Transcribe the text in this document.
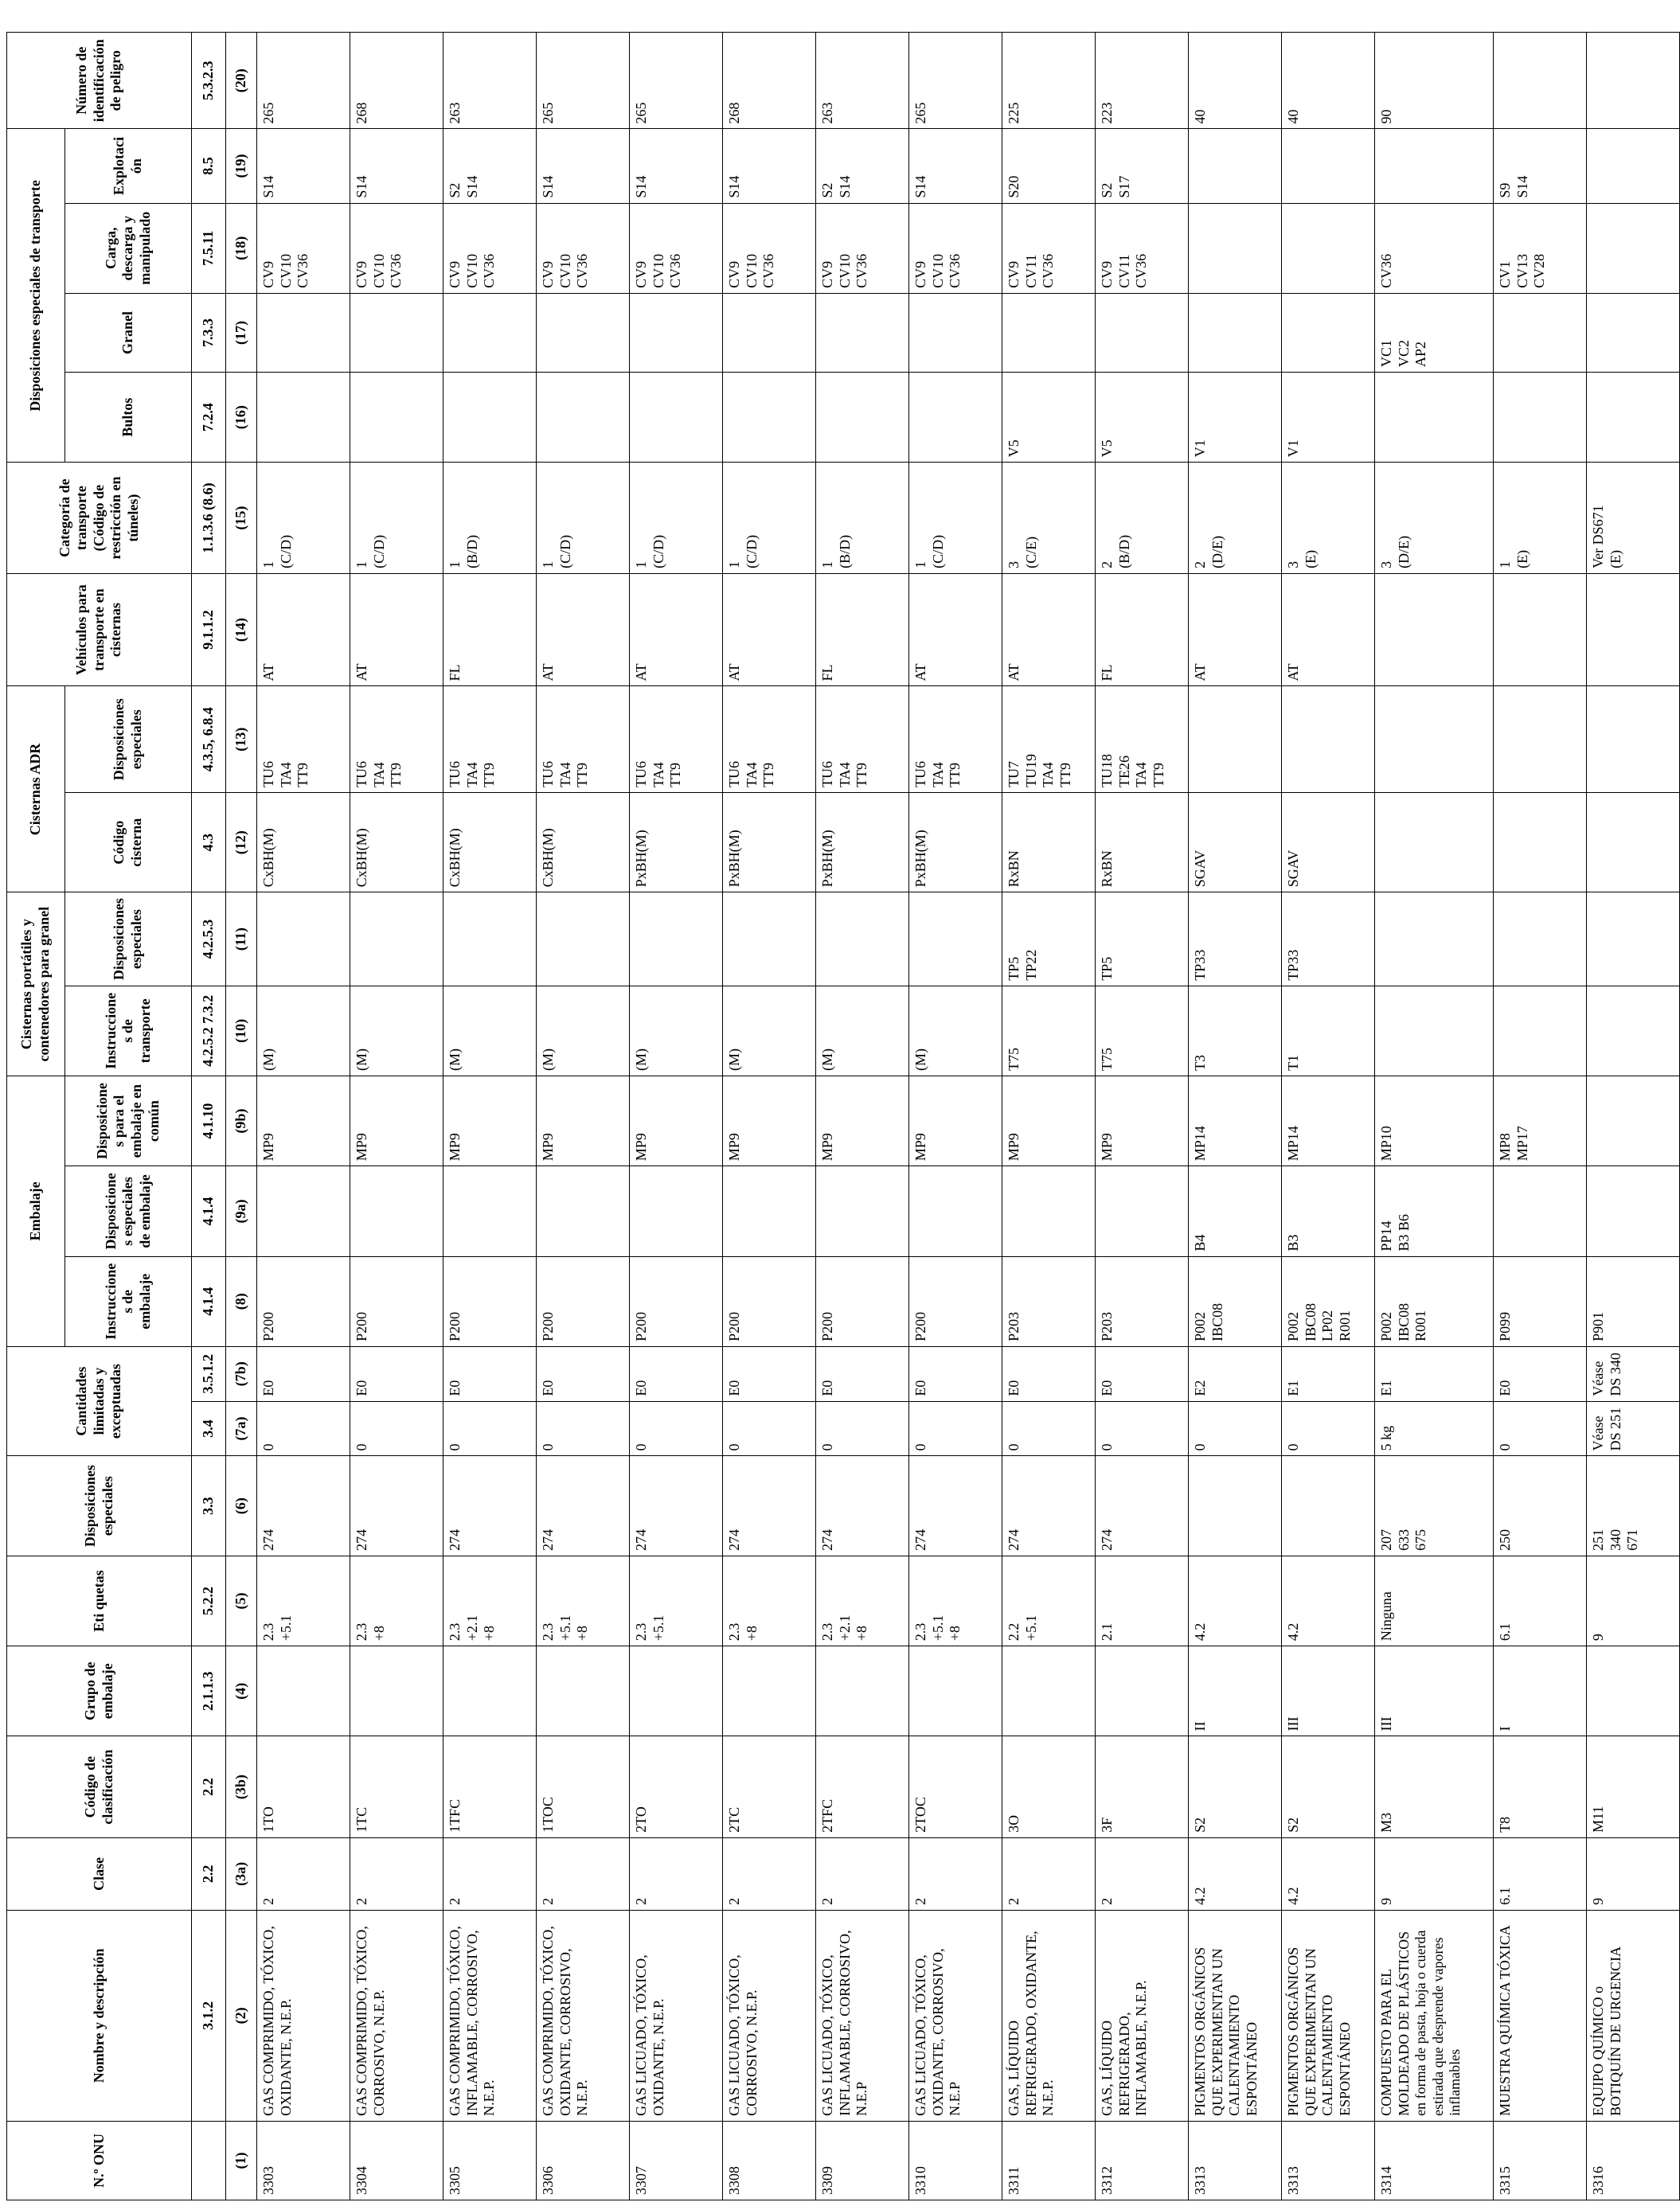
N.º ONU	Nombre y descripción	Clase	Código de clasificación	Grupo de embalaje	Eti quetas	Disposiciones especiales	Cantidades limitadas y exceptuadas		Embalaje			Cisternas portátiles y contenedores para granel		Cisternas ADR		Vehículos para transporte en cisternas	Categoría de transporte (Código de restricción en túneles)	Disposiciones especiales de transporte				Número de identificación de peligro
									Instrucciones de embalaje	Disposiciones especiales de embalaje	Disposiciones para el embalaje en común	Instrucciones de transporte	Disposiciones especiales	Código cisterna	Disposiciones especiales			Bultos	Granel	Carga, descarga y manipulado	Explotación	
	3.1.2	2.2	2.2	2.1.1.3	5.2.2	3.3	3.4	3.5.1.2	4.1.4	4.1.4	4.1.10	4.2.5.2 7.3.2	4.2.5.3	4.3	4.3.5, 6.8.4	9.1.1.2	1.1.3.6 (8.6)	7.2.4	7.3.3	7.5.11	8.5	5.3.2.3
(1)	(2)	(3a)	(3b)	(4)	(5)	(6)	(7a)	(7b)	(8)	(9a)	(9b)	(10)	(11)	(12)	(13)	(14)	(15)	(16)	(17)	(18)	(19)	(20)
3303	GAS COMPRIMIDO, TÓXICO, OXIDANTE, N.E.P.	2	1TO		2.3
+5.1	274	0	E0	P200		MP9	(M)		CxBH(M)	TU6
TA4
TT9	AT	1
(C/D)			CV9
CV10
CV36	S14	265
3304	GAS COMPRIMIDO, TÓXICO, CORROSIVO, N.E.P.	2	1TC		2.3
+8	274	0	E0	P200		MP9	(M)		CxBH(M)	TU6
TA4
TT9	AT	1
(C/D)			CV9
CV10
CV36	S14	268
3305	GAS COMPRIMIDO, TÓXICO, INFLAMABLE, CORROSIVO, N.E.P.	2	1TFC		2.3
+2.1
+8	274	0	E0	P200		MP9	(M)		CxBH(M)	TU6
TA4
TT9	FL	1
(B/D)			CV9
CV10
CV36	S2
S14	263
3306	GAS COMPRIMIDO, TÓXICO, OXIDANTE, CORROSIVO, N.E.P.	2	1TOC		2.3
+5.1
+8	274	0	E0	P200		MP9	(M)		CxBH(M)	TU6
TA4
TT9	AT	1
(C/D)			CV9
CV10
CV36	S14	265
3307	GAS LICUADO, TÓXICO, OXIDANTE, N.E.P.	2	2TO		2.3
+5.1	274	0	E0	P200		MP9	(M)		PxBH(M)	TU6
TA4
TT9	AT	1
(C/D)			CV9
CV10
CV36	S14	265
3308	GAS LICUADO, TÓXICO, CORROSIVO, N.E.P.	2	2TC		2.3
+8	274	0	E0	P200		MP9	(M)		PxBH(M)	TU6
TA4
TT9	AT	1
(C/D)			CV9
CV10
CV36	S14	268
3309	GAS LICUADO, TÓXICO, INFLAMABLE, CORROSIVO, N.E.P	2	2TFC		2.3
+2.1
+8	274	0	E0	P200		MP9	(M)		PxBH(M)	TU6
TA4
TT9	FL	1
(B/D)			CV9
CV10
CV36	S2
S14	263
3310	GAS LICUADO, TÓXICO, OXIDANTE, CORROSIVO, N.E.P	2	2TOC		2.3
+5.1
+8	274	0	E0	P200		MP9	(M)		PxBH(M)	TU6
TA4
TT9	AT	1
(C/D)			CV9
CV10
CV36	S14	265
3311	GAS, LÍQUIDO REFRIGERADO, OXIDANTE, N.E.P.	2	3O		2.2
+5.1	274	0	E0	P203		MP9	T75	TP5
TP22	RxBN	TU7
TU19
TA4
TT9	AT	3
(C/E)	V5		CV9
CV11
CV36	S20	225
3312	GAS, LÍQUIDO REFRIGERADO, INFLAMABLE, N.E.P.	2	3F		2.1	274	0	E0	P203		MP9	T75	TP5	RxBN	TU18
TE26
TA4
TT9	FL	2
(B/D)	V5		CV9
CV11
CV36	S2
S17	223
3313	PIGMENTOS ORGÁNICOS QUE EXPERIMENTAN UN CALENTAMIENTO ESPONTÁNEO	4.2	S2	II	4.2		0	E2	P002
IBC08	B4	MP14	T3	TP33	SGAV		AT	2
(D/E)	V1				40
3313	PIGMENTOS ORGÁNICOS QUE EXPERIMENTAN UN CALENTAMIENTO ESPONTÁNEO	4.2	S2	III	4.2		0	E1	P002
IBC08
LP02
R001	B3	MP14	T1	TP33	SGAV		AT	3
(E)	V1				40
3314	COMPUESTO PARA EL MOLDEADO DE PLÁSTICOS en forma de pasta, hoja o cuerda estirada que desprende vapores inflamables	9	M3	III	Ninguna	207
633
675	5 kg	E1	P002
IBC08
R001	PP14
B3 B6	MP10						3
(D/E)		VC1
VC2
AP2	CV36		90
3315	MUESTRA QUÍMICA TÓXICA	6.1	T8	I	6.1	250	0	E0	P099		MP8
MP17						1
(E)			CV1
CV13
CV28	S9
S14	
3316	EQUIPO QUÍMICO o BOTIQUÍN DE URGENCIA	9	M11		9	251
340
671	Véase DS 251	Véase DS 340	P901								Ver DS671
(E)					
